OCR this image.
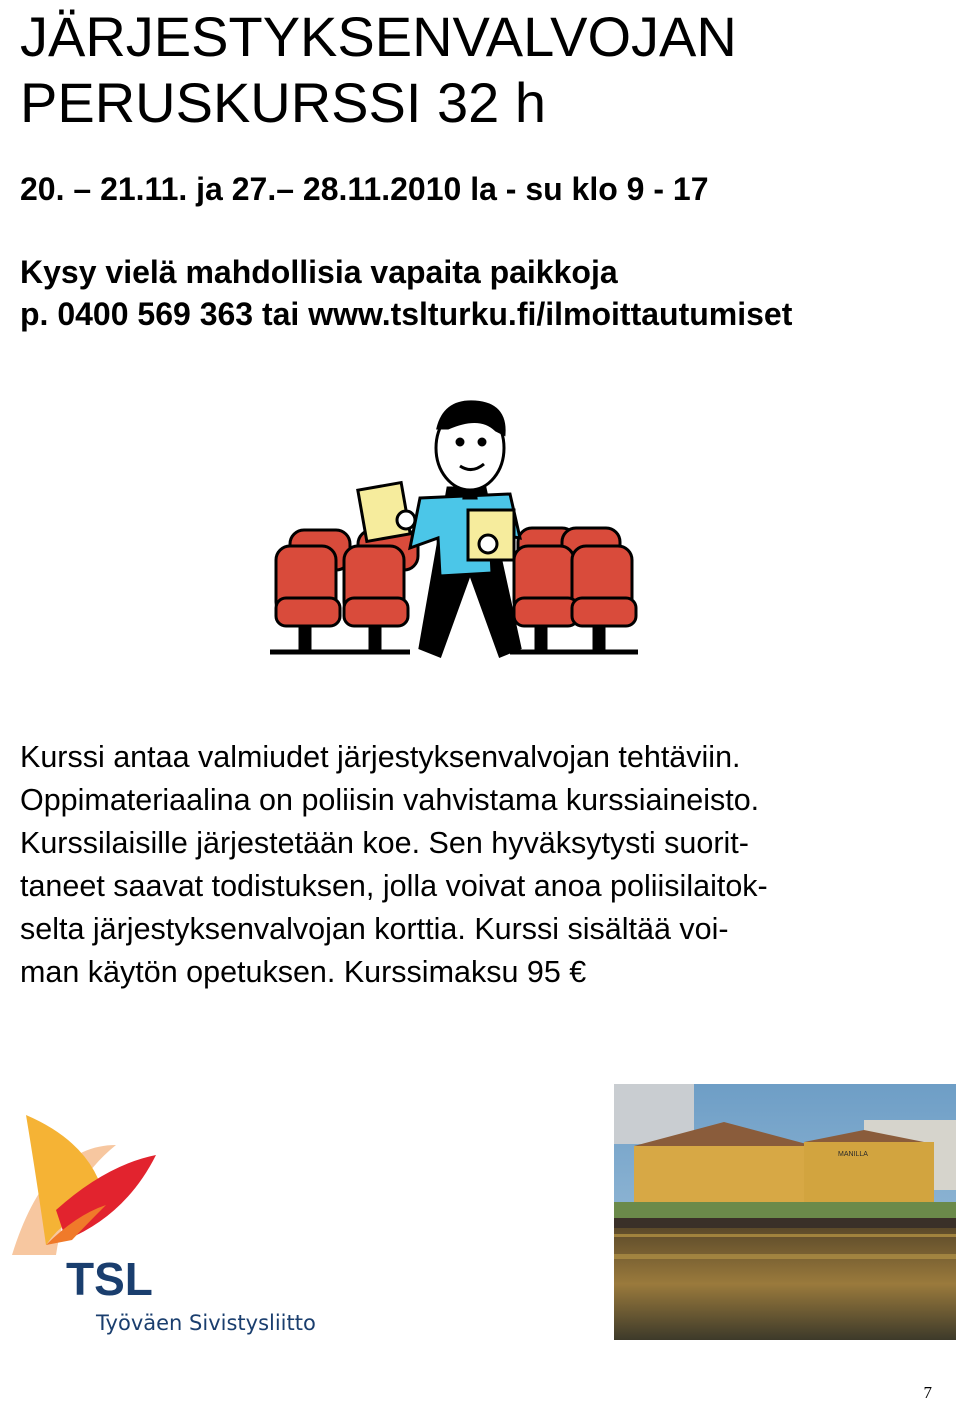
JÄRJESTYKSENVALVOJAN
PERUSKURSSI 32 h

20. – 21.11. ja 27.– 28.11.2010 la - su klo 9 - 17

Kysy vielä mahdollisia vapaita paikkoja
p. 0400 569 363 tai www.tslturku.fi/ilmoittautumiset

Kurssi antaa valmiudet järjestyksenvalvojan tehtäviin.
Oppimateriaalina on poliisin vahvistama kurssiaineisto.
Kurssilaisille järjestetään koe. Sen hyväksytysti suorit-
taneet saavat todistuksen, jolla voivat anoa poliisilaitok-
selta järjestyksenvalvojan korttia. Kurssi sisältää voi-
man käytön opetuksen. Kurssimaksu 95 €

TSL
Työväen Sivistysliitto
MANILLA
7
